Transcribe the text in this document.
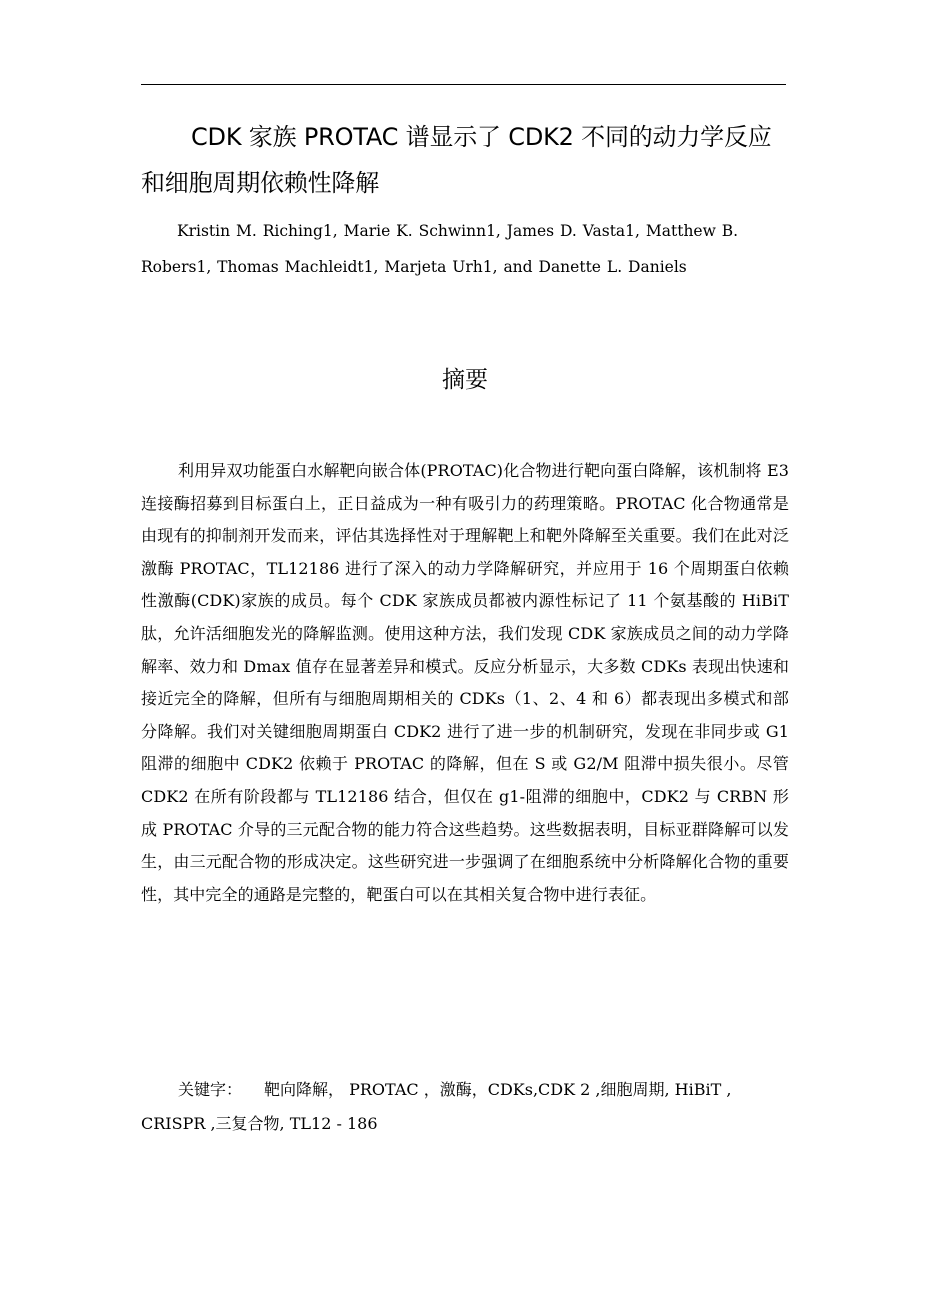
CDK 家族 PROTAC 谱显示了 CDK2 不同的动力学反应和细胞周期依赖性降解
Kristin M. Riching1, Marie K. Schwinn1, James D. Vasta1, Matthew B. Robers1, Thomas Machleidt1, Marjeta Urh1, and Danette L. Daniels
摘要
利用异双功能蛋白水解靶向嵌合体(PROTAC)化合物进行靶向蛋白降解，该机制将 E3 连接酶招募到目标蛋白上，正日益成为一种有吸引力的药理策略。PROTAC 化合物通常是由现有的抑制剂开发而来，评估其选择性对于理解靶上和靶外降解至关重要。我们在此对泛激酶 PROTAC，TL12186 进行了深入的动力学降解研究，并应用于 16 个周期蛋白依赖性激酶(CDK)家族的成员。每个 CDK 家族成员都被内源性标记了 11 个氨基酸的 HiBiT 肽，允许活细胞发光的降解监测。使用这种方法，我们发现 CDK 家族成员之间的动力学降解率、效力和 Dmax 值存在显著差异和模式。反应分析显示，大多数 CDKs 表现出快速和接近完全的降解，但所有与细胞周期相关的 CDKs（1、2、4 和 6）都表现出多模式和部分降解。我们对关键细胞周期蛋白 CDK2 进行了进一步的机制研究，发现在非同步或 G1 阻滞的细胞中 CDK2 依赖于 PROTAC 的降解，但在 S 或 G2/M 阻滞中损失很小。尽管 CDK2 在所有阶段都与 TL12186 结合，但仅在 g1-阻滞的细胞中，CDK2 与 CRBN 形成 PROTAC 介导的三元配合物的能力符合这些趋势。这些数据表明，目标亚群降解可以发生，由三元配合物的形成决定。这些研究进一步强调了在细胞系统中分析降解化合物的重要性，其中完全的通路是完整的，靶蛋白可以在其相关复合物中进行表征。
关键字： 靶向降解， PROTAC ，激酶，CDKs,CDK 2 ,细胞周期, HiBiT , CRISPR ,三复合物, TL12 - 186
